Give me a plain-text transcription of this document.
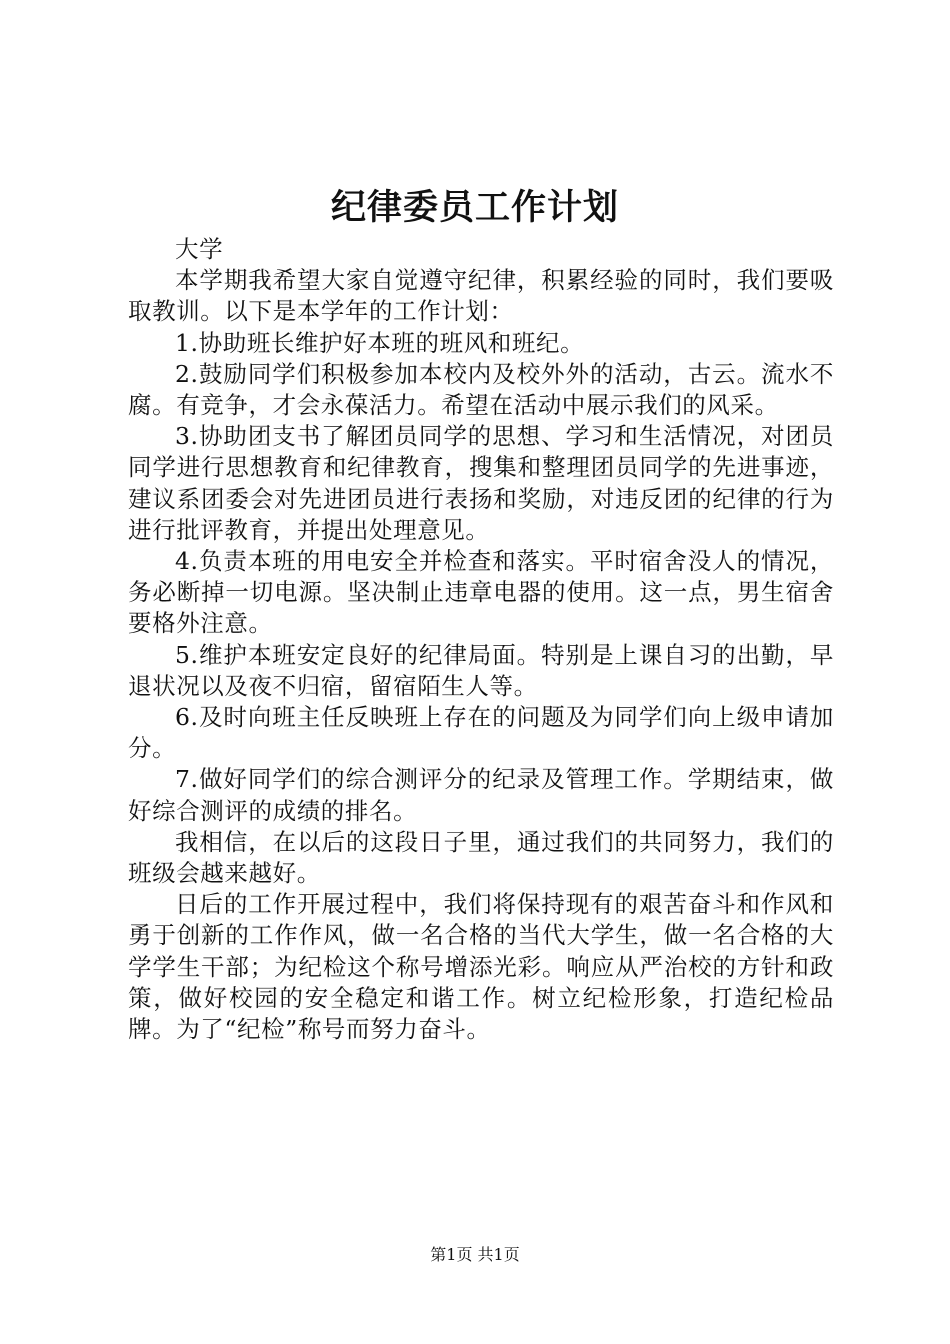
纪律委员工作计划

大学

本学期我希望大家自觉遵守纪律，积累经验的同时，我们要吸取教训。以下是本学年的工作计划：

1.协助班长维护好本班的班风和班纪。

2.鼓励同学们积极参加本校内及校外外的活动，古云。流水不腐。有竞争，才会永葆活力。希望在活动中展示我们的风采。

3.协助团支书了解团员同学的思想、学习和生活情况，对团员同学进行思想教育和纪律教育，搜集和整理团员同学的先进事迹，建议系团委会对先进团员进行表扬和奖励，对违反团的纪律的行为进行批评教育，并提出处理意见。

4.负责本班的用电安全并检查和落实。平时宿舍没人的情况，务必断掉一切电源。坚决制止违章电器的使用。这一点，男生宿舍要格外注意。

5.维护本班安定良好的纪律局面。特别是上课自习的出勤，早退状况以及夜不归宿，留宿陌生人等。

6.及时向班主任反映班上存在的问题及为同学们向上级申请加分。

7.做好同学们的综合测评分的纪录及管理工作。学期结束，做好综合测评的成绩的排名。

我相信，在以后的这段日子里，通过我们的共同努力，我们的班级会越来越好。

日后的工作开展过程中，我们将保持现有的艰苦奋斗和作风和勇于创新的工作作风，做一名合格的当代大学生，做一名合格的大学学生干部；为纪检这个称号增添光彩。响应从严治校的方针和政策，做好校园的安全稳定和谐工作。树立纪检形象，打造纪检品牌。为了“纪检”称号而努力奋斗。

第1页 共1页
